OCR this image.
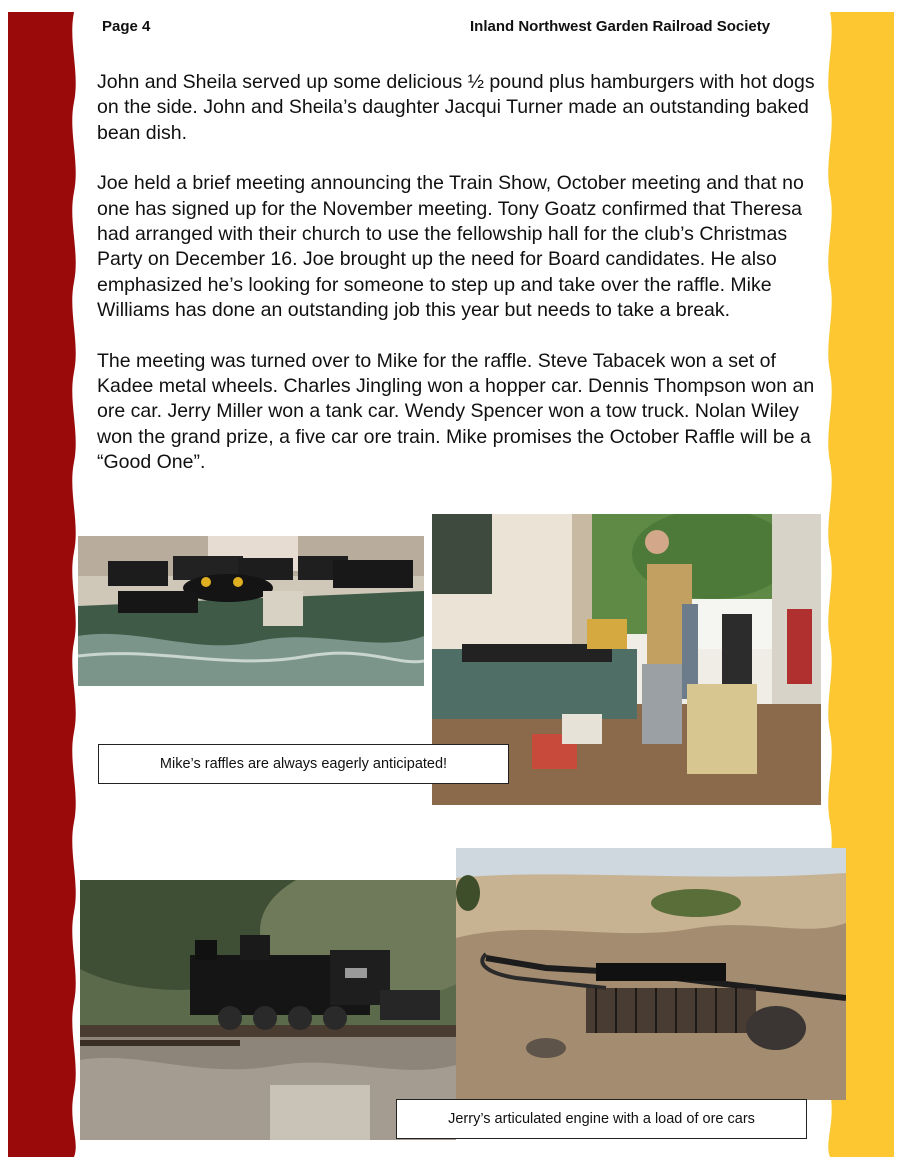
Page 4	Inland Northwest Garden Railroad Society

John and Sheila served up some delicious ½ pound plus hamburgers with hot dogs on the side. John and Sheila’s daughter Jacqui Turner made an outstanding baked bean dish.

Joe held a brief meeting announcing the Train Show, October meeting and that no one has signed up for the November meeting. Tony Goatz confirmed that Theresa had arranged with their church to use the fellowship hall for the club’s Christmas Party on December 16. Joe brought up the need for Board candidates. He also emphasized he’s looking for someone to step up and take over the raffle. Mike Williams has done an outstanding job this year but needs to take a break.

The meeting was turned over to Mike for the raffle. Steve Tabacek won a set of Kadee metal wheels. Charles Jingling won a hopper car. Dennis Thompson won an ore car. Jerry Miller won a tank car. Wendy Spencer won a tow truck. Nolan Wiley won the grand prize, a five car ore train. Mike promises the October Raffle will be a “Good One”.

Mike’s raffles are always eagerly anticipated!
Jerry’s articulated engine with a load of ore cars
